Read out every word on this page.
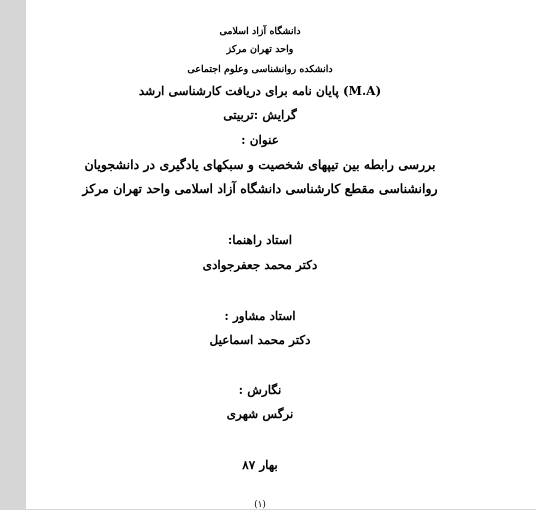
دانشگاه آزاد اسلامی
واحد تهران مرکز
دانشکده روانشناسی وعلوم اجتماعی
(M.A) پایان نامه برای دریافت کارشناسی ارشد
گرایش :تربیتی
عنوان :
بررسی رابطه بین تیپهای شخصیت و سبکهای یادگیری در دانشجویان
روانشناسی مقطع کارشناسی دانشگاه آزاد اسلامی واحد تهران مرکز
استاد راهنما:
دکتر محمد جعفرجوادی
استاد مشاور :
دکتر محمد اسماعیل
نگارش :
نرگس شهری
بهار ۸۷
(۱)
